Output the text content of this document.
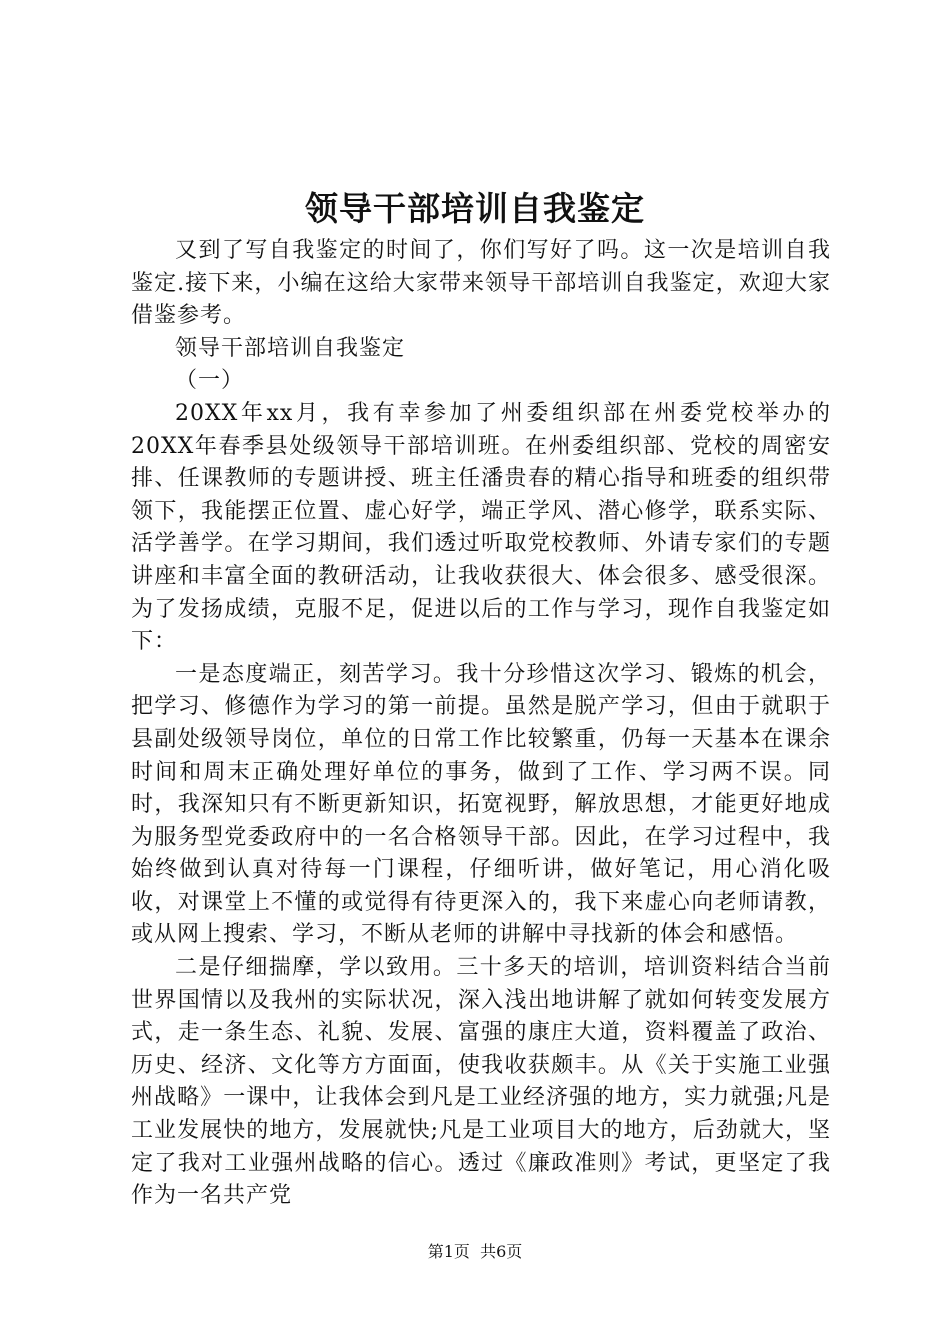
领导干部培训自我鉴定

又到了写自我鉴定的时间了，你们写好了吗。这一次是培训自我鉴定.接下来，小编在这给大家带来领导干部培训自我鉴定，欢迎大家借鉴参考。

领导干部培训自我鉴定

（一）

20XX年xx月，我有幸参加了州委组织部在州委党校举办的20XX年春季县处级领导干部培训班。在州委组织部、党校的周密安排、任课教师的专题讲授、班主任潘贵春的精心指导和班委的组织带领下，我能摆正位置、虚心好学，端正学风、潜心修学，联系实际、活学善学。在学习期间，我们透过听取党校教师、外请专家们的专题讲座和丰富全面的教研活动，让我收获很大、体会很多、感受很深。为了发扬成绩，克服不足，促进以后的工作与学习，现作自我鉴定如下：

一是态度端正，刻苦学习。我十分珍惜这次学习、锻炼的机会，把学习、修德作为学习的第一前提。虽然是脱产学习，但由于就职于县副处级领导岗位，单位的日常工作比较繁重，仍每一天基本在课余时间和周末正确处理好单位的事务，做到了工作、学习两不误。同时，我深知只有不断更新知识，拓宽视野，解放思想，才能更好地成为服务型党委政府中的一名合格领导干部。因此，在学习过程中，我始终做到认真对待每一门课程，仔细听讲，做好笔记，用心消化吸收，对课堂上不懂的或觉得有待更深入的，我下来虚心向老师请教，或从网上搜索、学习，不断从老师的讲解中寻找新的体会和感悟。

二是仔细揣摩，学以致用。三十多天的培训，培训资料结合当前世界国情以及我州的实际状况，深入浅出地讲解了就如何转变发展方式，走一条生态、礼貌、发展、富强的康庄大道，资料覆盖了政治、历史、经济、文化等方方面面，使我收获颇丰。从《关于实施工业强州战略》一课中，让我体会到凡是工业经济强的地方，实力就强;凡是工业发展快的地方，发展就快;凡是工业项目大的地方，后劲就大，坚定了我对工业强州战略的信心。透过《廉政准则》考试，更坚定了我作为一名共产党

第1页 共6页
